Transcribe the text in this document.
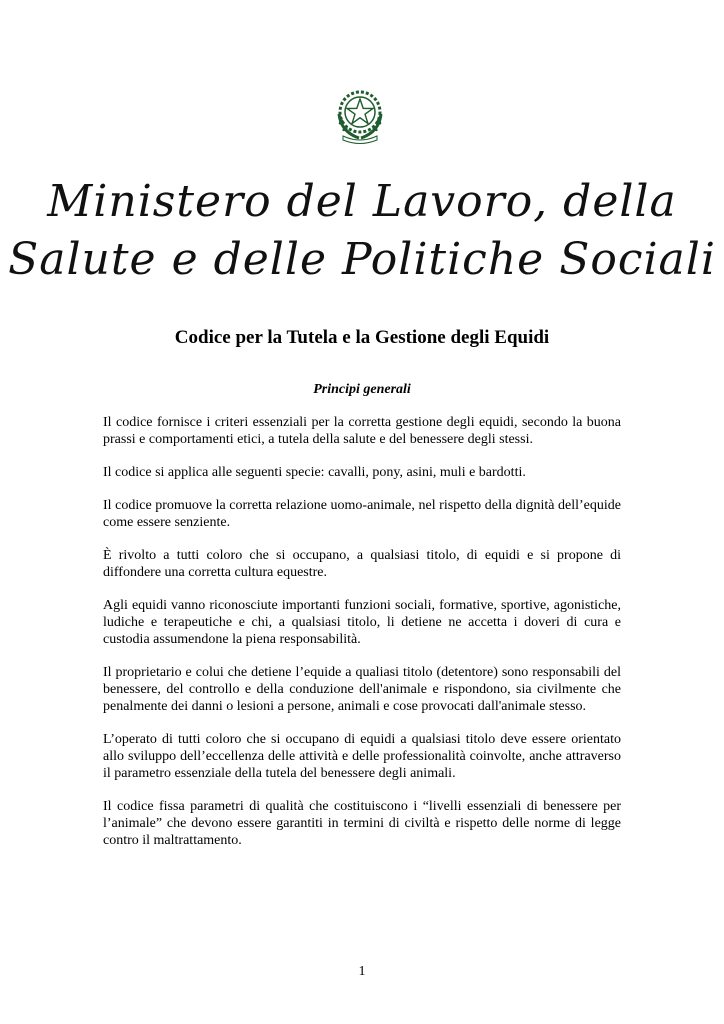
Ministero del Lavoro, della
Salute e delle Politiche Sociali
Codice per la Tutela e la Gestione degli Equidi
Principi generali

Il codice fornisce i criteri essenziali per la corretta gestione degli equidi, secondo la buona prassi e comportamenti etici, a tutela della salute e del benessere degli stessi.

Il codice si applica alle seguenti specie: cavalli, pony, asini, muli e bardotti.

Il codice promuove la corretta relazione uomo-animale, nel rispetto della dignità dell’equide come essere senziente.

È rivolto a tutti coloro che si occupano, a qualsiasi titolo, di equidi e si propone di diffondere una corretta cultura equestre.

Agli equidi vanno riconosciute importanti funzioni sociali, formative, sportive, agonistiche, ludiche e terapeutiche e chi, a qualsiasi titolo, li detiene ne accetta i doveri di cura e custodia assumendone la piena responsabilità.

Il proprietario e colui che detiene l’equide a qualiasi titolo (detentore) sono responsabili del benessere, del controllo e della conduzione dell'animale e rispondono, sia civilmente che penalmente dei danni o lesioni a persone, animali e cose provocati dall'animale stesso.

L’operato di tutti coloro che si occupano di equidi a qualsiasi titolo deve essere orientato allo sviluppo dell’eccellenza delle attività e delle professionalità coinvolte, anche attraverso il parametro essenziale della tutela del benessere degli animali.

Il codice fissa parametri di qualità che costituiscono i “livelli essenziali di benessere per l’animale” che devono essere garantiti in termini di civiltà e rispetto delle norme di legge contro il maltrattamento.

1
